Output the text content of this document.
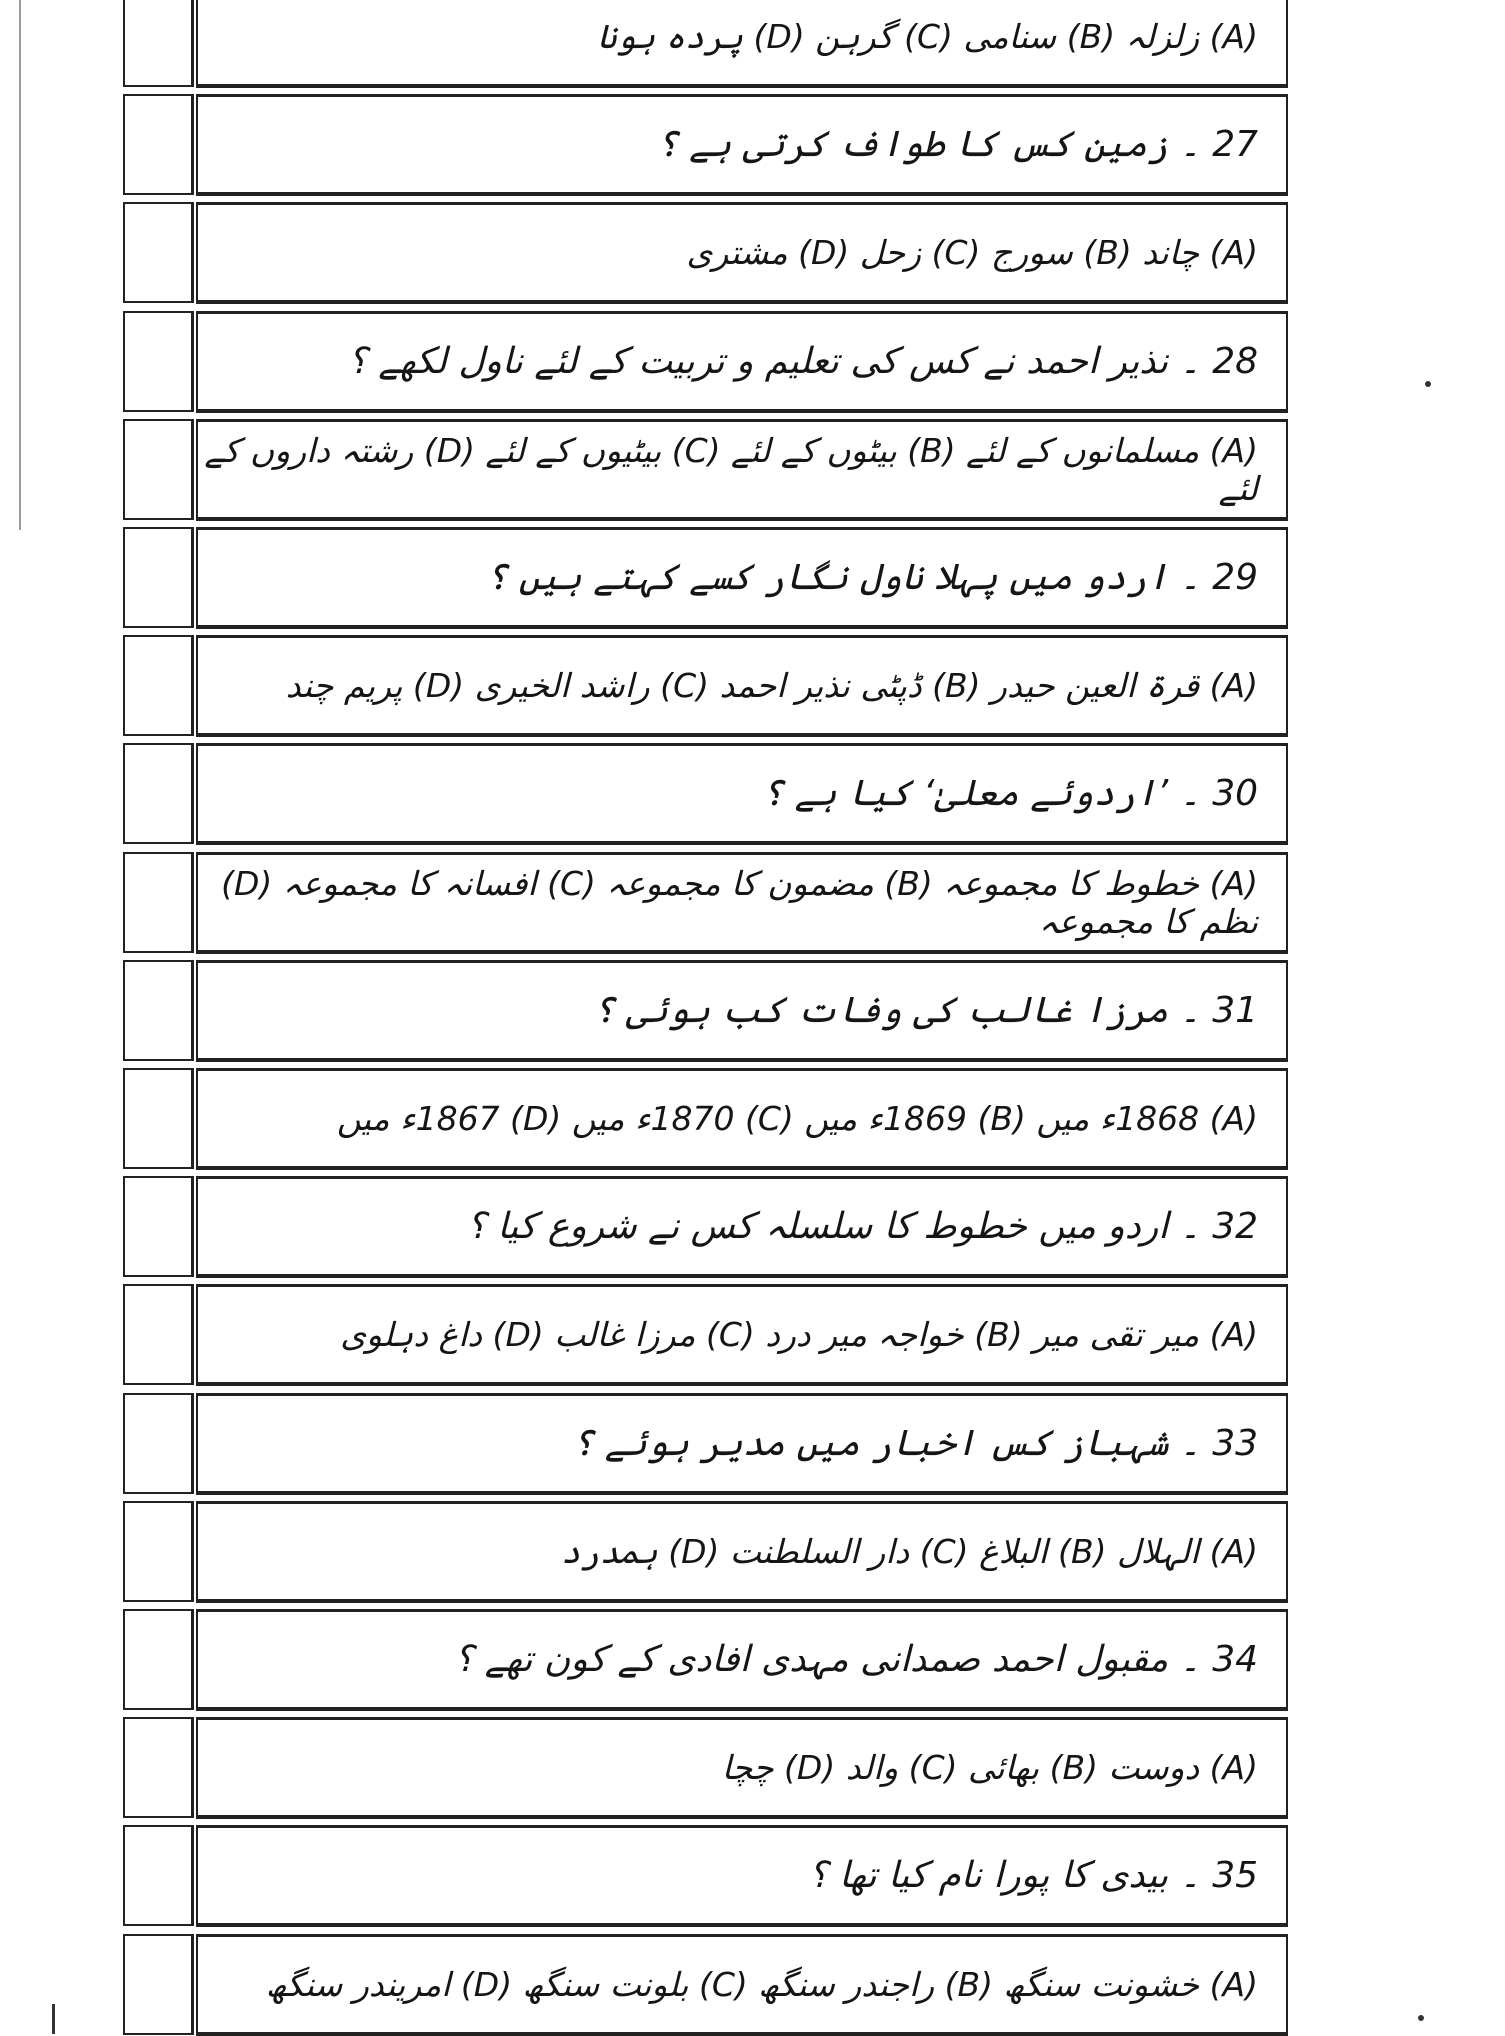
(A) زلزلہ (B) سنامی (C) گرہن (D) پردہ ہونا
27 ۔ زمین کس کا طواف کرتی ہے ؟
(A) چاند (B) سورج (C) زحل (D) مشتری
28 ۔ نذیر احمد نے کس کی تعلیم و تربیت کے لئے ناول لکھے ؟
(A) مسلمانوں کے لئے (B) بیٹوں کے لئے (C) بیٹیوں کے لئے (D) رشتہ داروں کے لئے
29 ۔ اردو میں پہلا ناول نگار کسے کہتے ہیں ؟
(A) قرۃ العین حیدر (B) ڈپٹی نذیر احمد (C) راشد الخیری (D) پریم چند
30 ۔ ’اردوئے معلیٰ‘ کیا ہے ؟
(A) خطوط کا مجموعہ (B) مضمون کا مجموعہ (C) افسانہ کا مجموعہ (D) نظم کا مجموعہ
31 ۔ مرزا غالب کی وفات کب ہوئی ؟
(A) 1868ء میں (B) 1869ء میں (C) 1870ء میں (D) 1867ء میں
32 ۔ اردو میں خطوط کا سلسلہ کس نے شروع کیا ؟
(A) میر تقی میر (B) خواجہ میر درد (C) مرزا غالب (D) داغ دہلوی
33 ۔ شہباز کس اخبار میں مدیر ہوئے ؟
(A) الہلال (B) البلاغ (C) دار السلطنت (D) ہمدرد
34 ۔ مقبول احمد صمدانی مہدی افادی کے کون تھے ؟
(A) دوست (B) بھائی (C) والد (D) چچا
35 ۔ بیدی کا پورا نام کیا تھا ؟
(A) خشونت سنگھ (B) راجندر سنگھ (C) بلونت سنگھ (D) امریندر سنگھ
